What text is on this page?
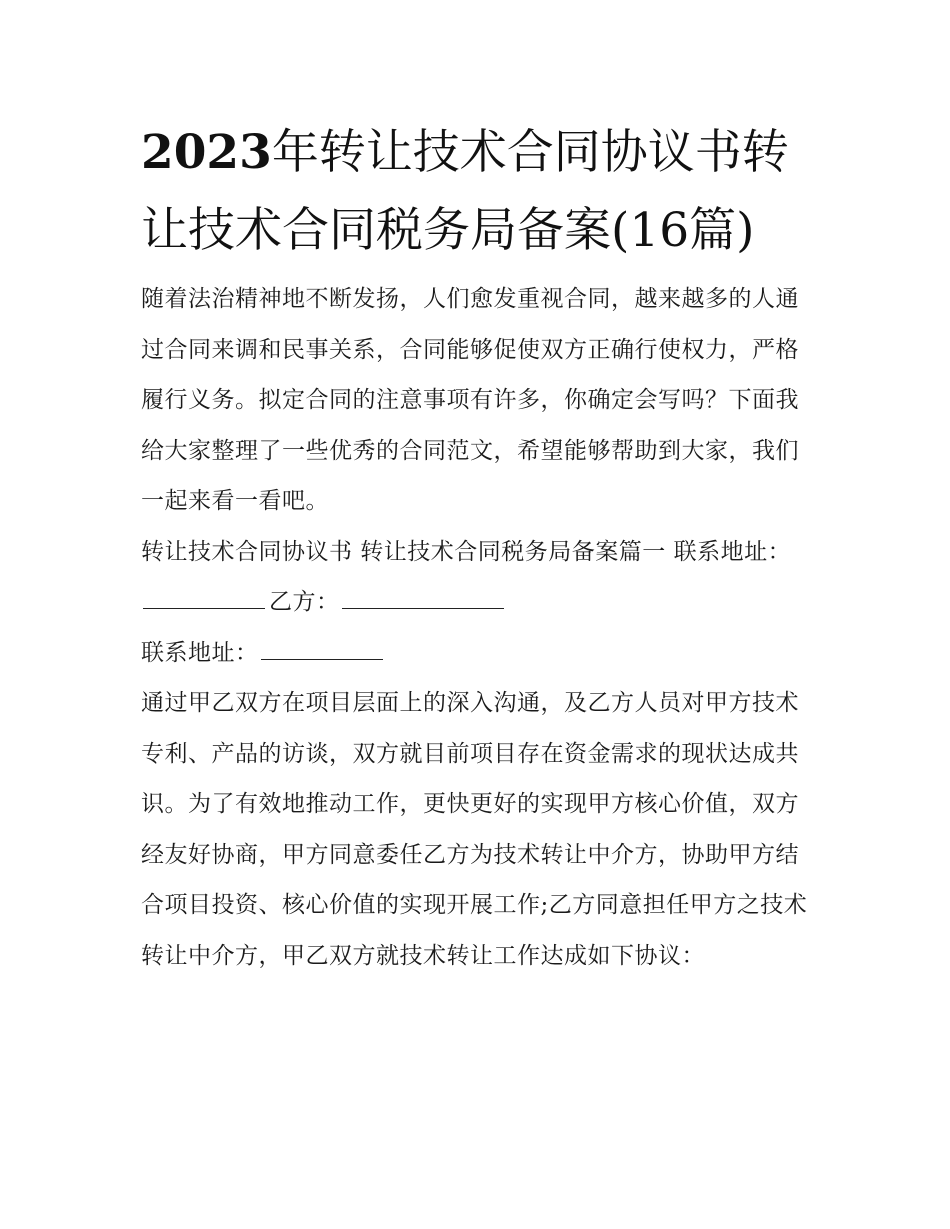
2023年转让技术合同协议书转让技术合同税务局备案(16篇)

随着法治精神地不断发扬，人们愈发重视合同，越来越多的人通过合同来调和民事关系，合同能够促使双方正确行使权力，严格履行义务。拟定合同的注意事项有许多，你确定会写吗？下面我给大家整理了一些优秀的合同范文，希望能够帮助到大家，我们一起来看一看吧。

转让技术合同协议书 转让技术合同税务局备案篇一 联系地址：乙方：

联系地址：

通过甲乙双方在项目层面上的深入沟通，及乙方人员对甲方技术专利、产品的访谈，双方就目前项目存在资金需求的现状达成共识。为了有效地推动工作，更快更好的实现甲方核心价值，双方经友好协商，甲方同意委任乙方为技术转让中介方，协助甲方结合项目投资、核心价值的实现开展工作;乙方同意担任甲方之技术转让中介方，甲乙双方就技术转让工作达成如下协议：
